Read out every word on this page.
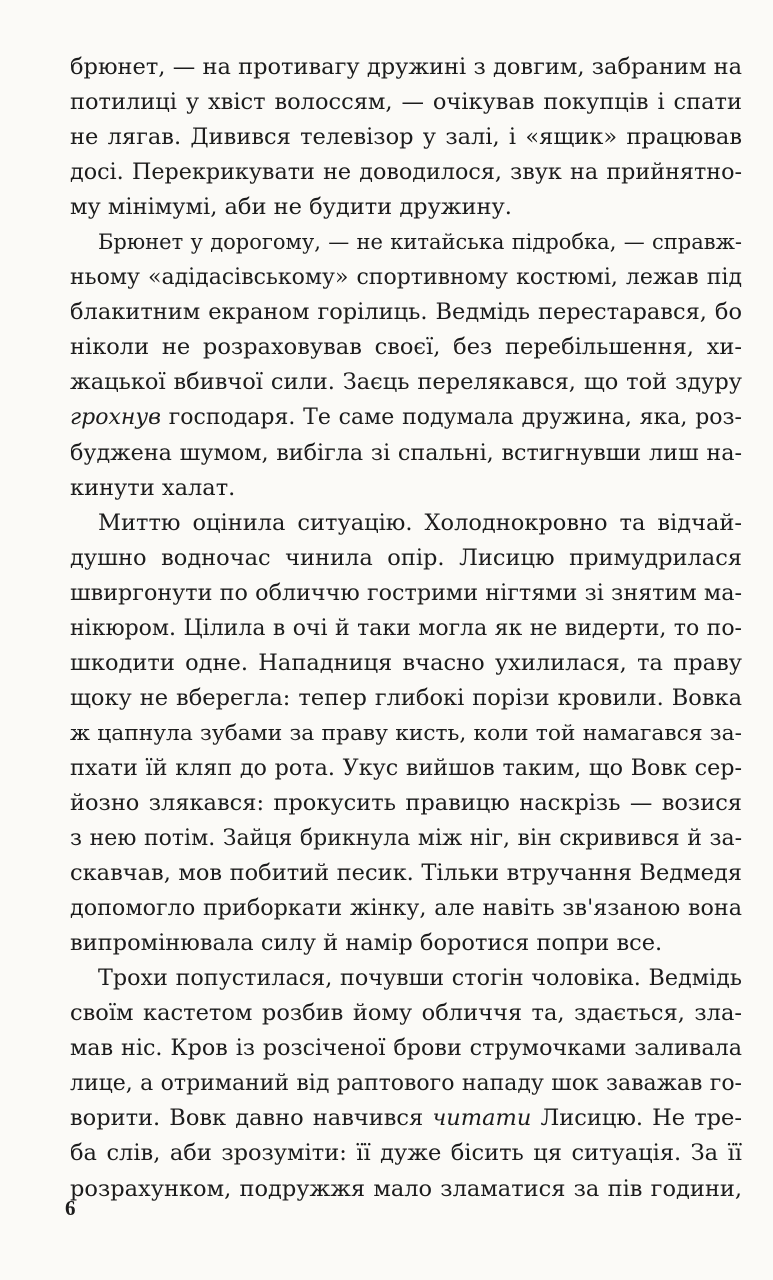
брюнет, — на противагу дружині з довгим, забраним на
потилиці у хвіст волоссям, — очікував покупців і спати
не лягав. Дивився телевізор у залі, і «ящик» працював
досі. Перекрикувати не доводилося, звук на прийнятно-
му мінімумі, аби не будити дружину.
Брюнет у дорогому, — не китайська підробка, — справж-
ньому «адідасівському» спортивному костюмі, лежав під
блакитним екраном горілиць. Ведмідь перестарався, бо
ніколи не розраховував своєї, без перебільшення, хи-
жацької вбивчої сили. Заєць перелякався, що той здуру
грохнув господаря. Те саме подумала дружина, яка, роз-
буджена шумом, вибігла зі спальні, встигнувши лиш на-
кинути халат.
Миттю оцінила ситуацію. Холоднокровно та відчай-
душно водночас чинила опір. Лисицю примудрилася
швиргонути по обличчю гострими нігтями зі знятим ма-
нікюром. Цілила в очі й таки могла як не видерти, то по-
шкодити одне. Нападниця вчасно ухилилася, та праву
щоку не вберегла: тепер глибокі порізи кровили. Вовка
ж цапнула зубами за праву кисть, коли той намагався за-
пхати їй кляп до рота. Укус вийшов таким, що Вовк сер-
йозно злякався: прокусить правицю наскрізь — возися
з нею потім. Зайця брикнула між ніг, він скривився й за-
скавчав, мов побитий песик. Тільки втручання Ведмедя
допомогло приборкати жінку, але навіть зв'язаною вона
випромінювала силу й намір боротися попри все.
Трохи попустилася, почувши стогін чоловіка. Ведмідь
своїм кастетом розбив йому обличчя та, здається, зла-
мав ніс. Кров із розсіченої брови струмочками заливала
лице, а отриманий від раптового нападу шок заважав го-
ворити. Вовк давно навчився читати Лисицю. Не тре-
ба слів, аби зрозуміти: її дуже бісить ця ситуація. За її
розрахунком, подружжя мало зламатися за пів години,
6
